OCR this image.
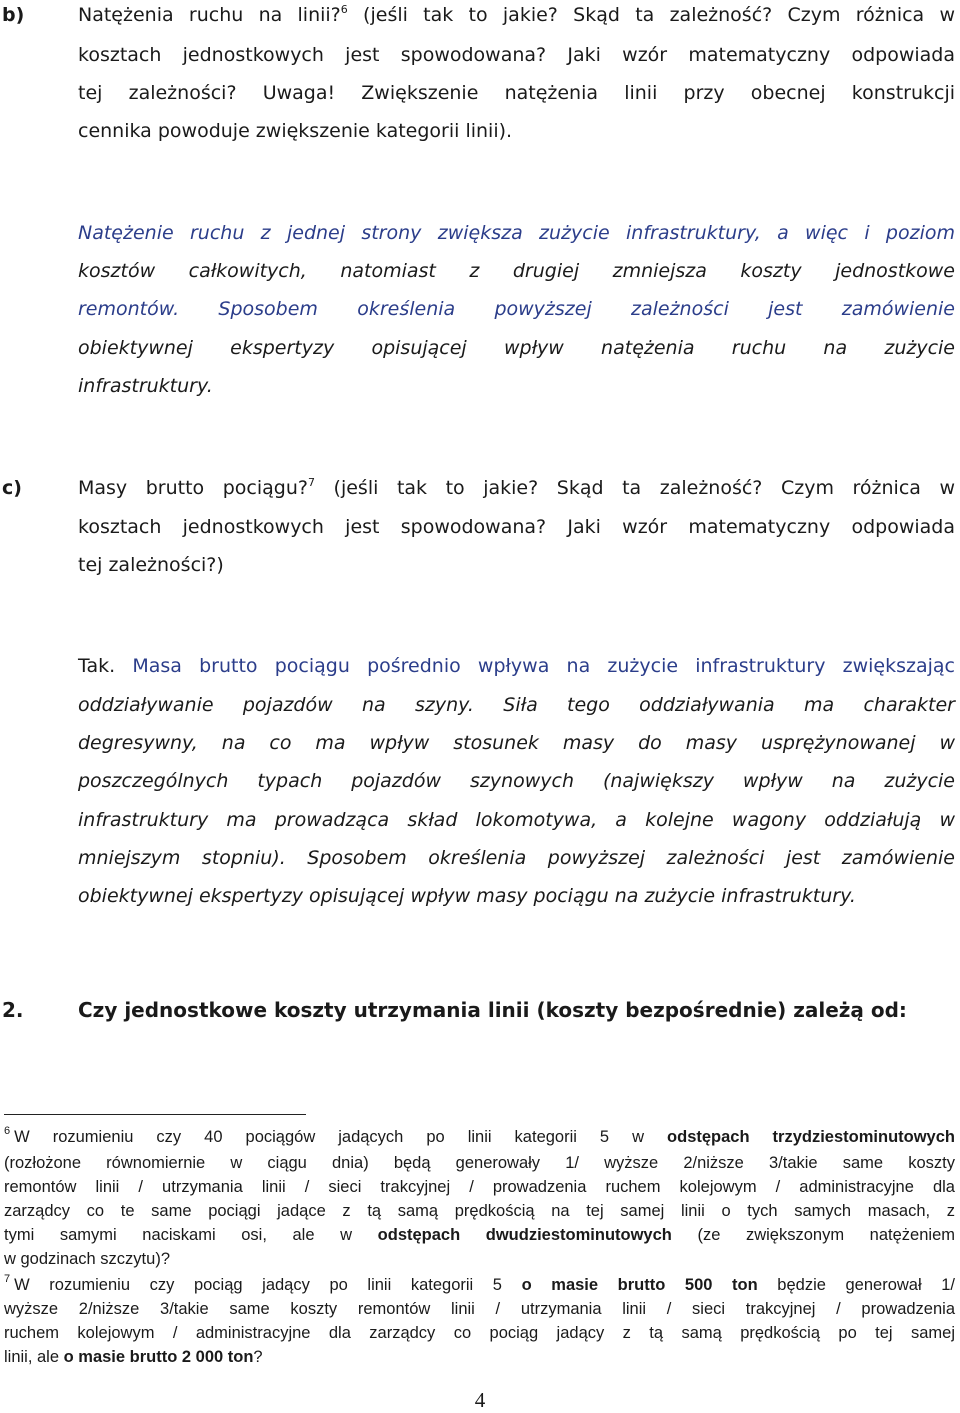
b)	Natężenia ruchu na linii?$^6$ (jeśli tak to jakie? Skąd ta zależność? Czym różnica w
kosztach jednostkowych jest spowodowana? Jaki wzór matematyczny odpowiada
tej zależności? Uwaga! Zwiększenie natężenia linii przy obecnej konstrukcji
cennika powoduje zwiększenie kategorii linii).
Natężenie ruchu z jednej strony zwiększa zużycie infrastruktury, a więc i poziom
kosztów całkowitych, natomiast z drugiej zmniejsza koszty jednostkowe
remontów. Sposobem określenia powyższej zależności jest zamówienie
obiektywnej ekspertyzy opisującej wpływ natężenia ruchu na zużycie
infrastruktury.
c)	Masy brutto pociągu?$^7$ (jeśli tak to jakie? Skąd ta zależność? Czym różnica w
kosztach jednostkowych jest spowodowana? Jaki wzór matematyczny odpowiada
tej zależności?)
Tak. Masa brutto pociągu pośrednio wpływa na zużycie infrastruktury zwiększając
oddziaływanie pojazdów na szyny. Siła tego oddziaływania ma charakter
degresywny, na co ma wpływ stosunek masy do masy usprężynowanej w
poszczególnych typach pojazdów szynowych (największy wpływ na zużycie
infrastruktury ma prowadząca skład lokomotywa, a kolejne wagony oddziałują w
mniejszym stopniu). Sposobem określenia powyższej zależności jest zamówienie
obiektywnej ekspertyzy opisującej wpływ masy pociągu na zużycie infrastruktury.
2.	Czy jednostkowe koszty utrzymania linii (koszty bezpośrednie) zależą od:
$^6$ W rozumieniu czy 40 pociągów jadących po linii kategorii 5 w odstępach trzydziestominutowych
(rozłożone równomiernie w ciągu dnia) będą generowały 1/ wyższe 2/niższe 3/takie same koszty
remontów linii / utrzymania linii / sieci trakcyjnej / prowadzenia ruchem kolejowym / administracyjne dla
zarządcy co te same pociągi jadące z tą samą prędkością na tej samej linii o tych samych masach, z
tymi samymi naciskami osi, ale w odstępach dwudziestominutowych (ze zwiększonym natężeniem
w godzinach szczytu)?
$^7$ W rozumieniu czy pociąg jadący po linii kategorii 5 o masie brutto 500 ton będzie generował 1/
wyższe 2/niższe 3/takie same koszty remontów linii / utrzymania linii / sieci trakcyjnej / prowadzenia
ruchem kolejowym / administracyjne dla zarządcy co pociąg jadący z tą samą prędkością po tej samej
linii, ale o masie brutto 2 000 ton?
4
